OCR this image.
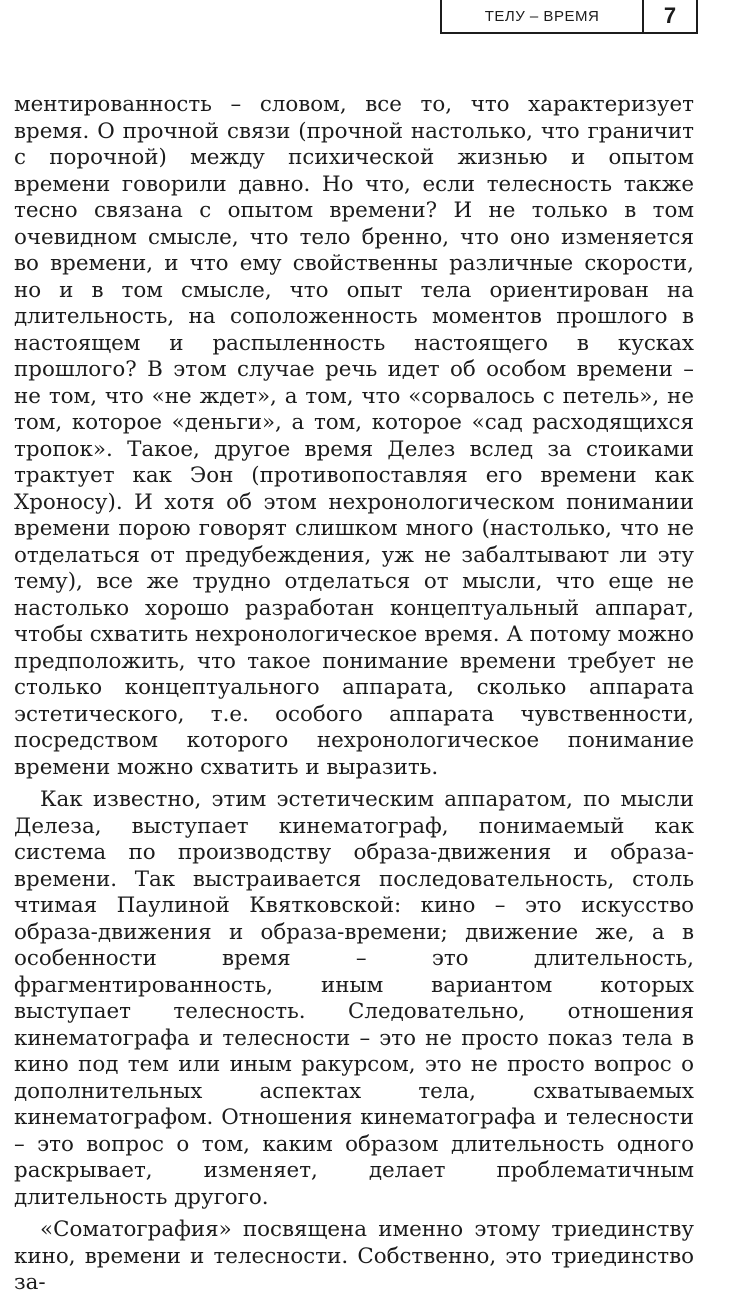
ТЕЛУ – ВРЕМЯ	7

ментированность – словом, все то, что характеризует время. О прочной связи (прочной настолько, что граничит с порочной) между психической жизнью и опытом времени говорили давно. Но что, если телесность также тесно связана с опытом времени? И не только в том очевидном смысле, что тело бренно, что оно изменяется во времени, и что ему свойственны различные скорости, но и в том смысле, что опыт тела ориентирован на длительность, на соположенность моментов прошлого в настоящем и распыленность настоящего в кусках прошлого? В этом случае речь идет об особом времени – не том, что «не ждет», а том, что «сорвалось с петель», не том, которое «деньги», а том, которое «сад расходящихся тропок». Такое, другое время Делез вслед за стоиками трактует как Эон (противопоставляя его времени как Хроносу). И хотя об этом нехронологическом понимании времени порою говорят слишком много (настолько, что не отделаться от предубеждения, уж не забалтывают ли эту тему), все же трудно отделаться от мысли, что еще не настолько хорошо разработан концептуальный аппарат, чтобы схватить нехронологическое время. А потому можно предположить, что такое понимание времени требует не столько концептуального аппарата, сколько аппарата эстетического, т.е. особого аппарата чувственности, посредством которого нехронологическое понимание времени можно схватить и выразить.

Как известно, этим эстетическим аппаратом, по мысли Делеза, выступает кинематограф, понимаемый как система по производству образа-движения и образа-времени. Так выстраивается последовательность, столь чтимая Паулиной Квятковской: кино – это искусство образа-движения и образа-времени; движение же, а в особенности время – это длительность, фрагментированность, иным вариантом которых выступает телесность. Следовательно, отношения кинематографа и телесности – это не просто показ тела в кино под тем или иным ракурсом, это не просто вопрос о дополнительных аспектах тела, схватываемых кинематографом. Отношения кинематографа и телесности – это вопрос о том, каким образом длительность одного раскрывает, изменяет, делает проблематичным длительность другого.

«Соматография» посвящена именно этому триединству кино, времени и телесности. Собственно, это триединство за-
